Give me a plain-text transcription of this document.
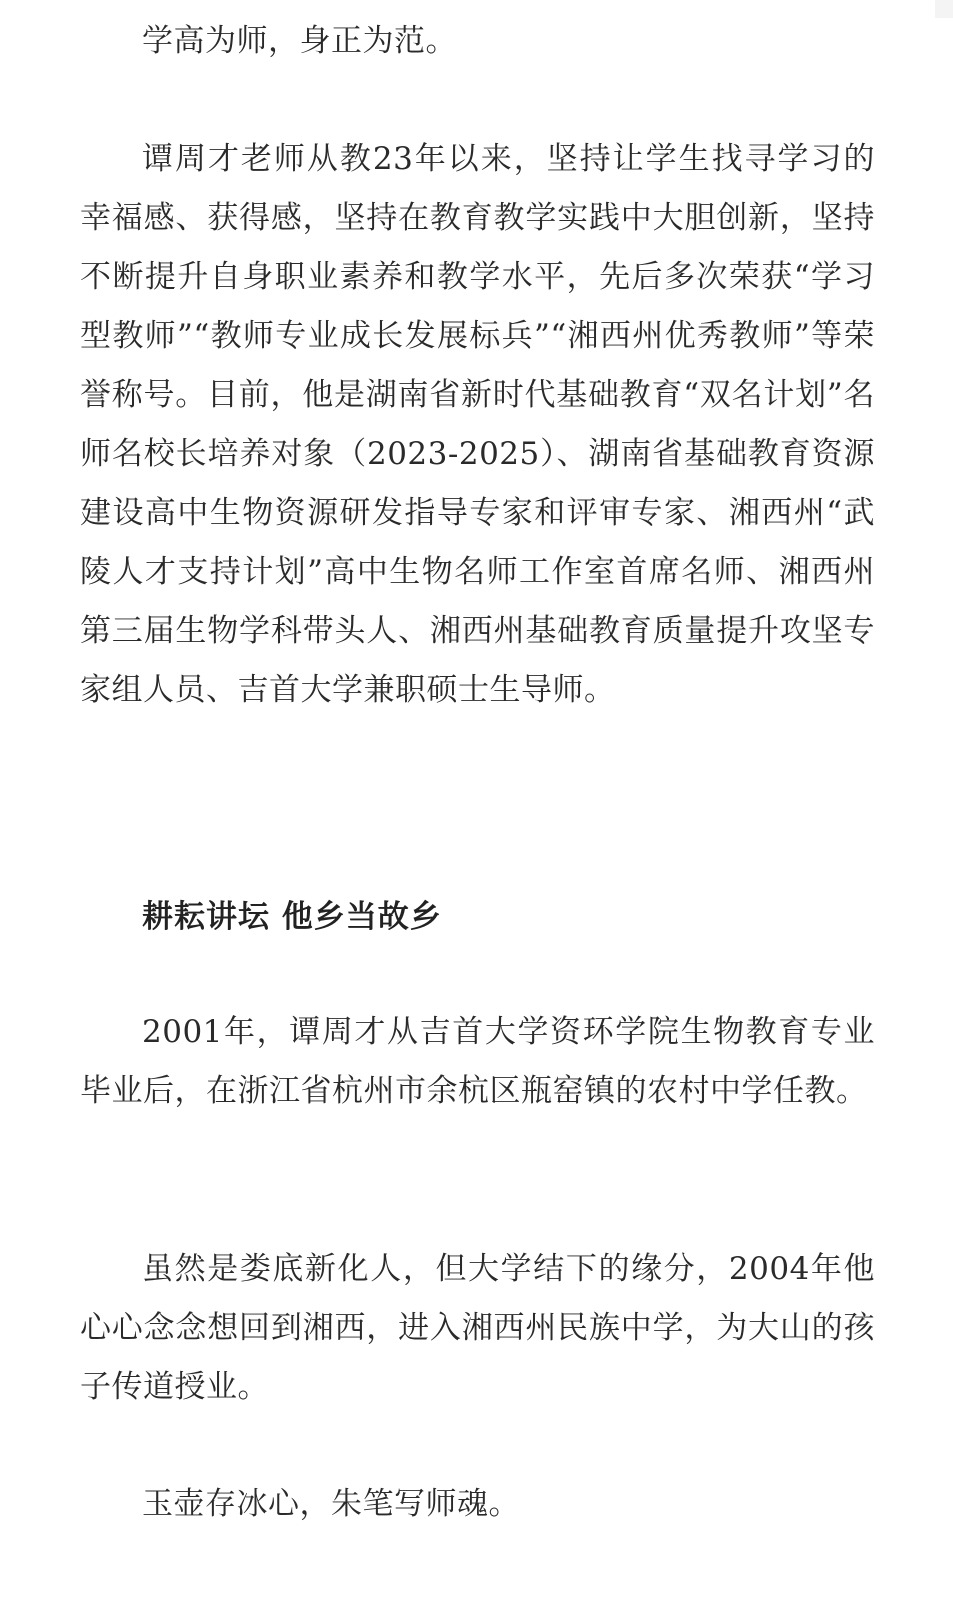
学高为师，身正为范。

谭周才老师从教23年以来，坚持让学生找寻学习的幸福感、获得感，坚持在教育教学实践中大胆创新，坚持不断提升自身职业素养和教学水平，先后多次荣获“学习型教师”“教师专业成长发展标兵”“湘西州优秀教师”等荣誉称号。目前，他是湖南省新时代基础教育“双名计划”名师名校长培养对象（2023-2025）、湖南省基础教育资源建设高中生物资源研发指导专家和评审专家、湘西州“武陵人才支持计划”高中生物名师工作室首席名师、湘西州第三届生物学科带头人、湘西州基础教育质量提升攻坚专家组人员、吉首大学兼职硕士生导师。

耕耘讲坛 他乡当故乡

2001年，谭周才从吉首大学资环学院生物教育专业毕业后，在浙江省杭州市余杭区瓶窑镇的农村中学任教。

虽然是娄底新化人，但大学结下的缘分，2004年他心心念念想回到湘西，进入湘西州民族中学，为大山的孩子传道授业。

玉壶存冰心，朱笔写师魂。
